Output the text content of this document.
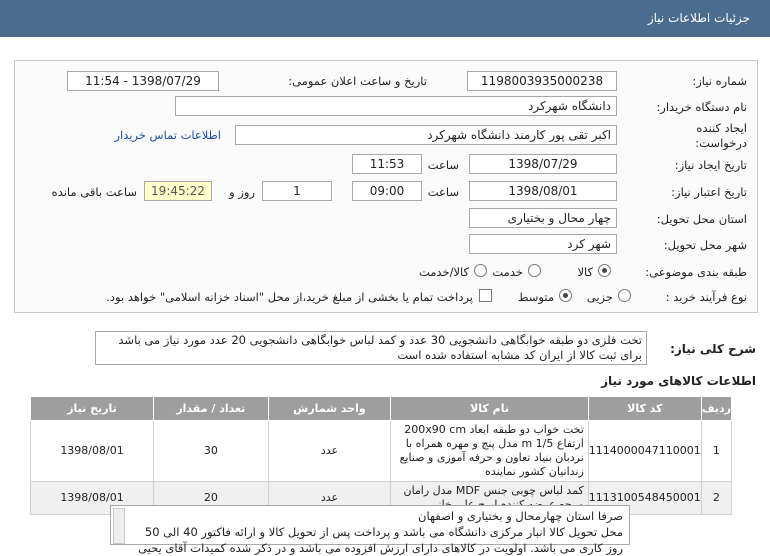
جزئیات اطلاعات نیاز
شماره نیاز:
1198003935000238
تاریخ و ساعت اعلان عمومی:
1398/07/29 - 11:54
نام دستگاه خریدار:
دانشگاه شهرکرد
ایجاد کننده
درخواست:
اکبر تقی پور کارمند دانشگاه شهرکرد
اطلاعات تماس خریدار
تاریخ ایجاد نیاز:
1398/07/29
ساعت
11:53
تاریخ اعتبار نیاز:
1398/08/01
ساعت
09:00
1
روز و
19:45:22
ساعت باقی مانده
استان محل تحویل:
چهار محال و بختیاری
شهر محل تحویل:
شهر کرد
طبقه بندی موضوعی:
کالا
خدمت
کالا/خدمت
نوع فرآیند خرید :
جزیی
متوسط
پرداخت تمام یا بخشی از مبلغ خرید،از محل "اسناد خزانه اسلامی" خواهد بود.
شرح کلی نیاز:
تخت فلزی دو طبقه خوابگاهی دانشجویی 30 عدد و کمد لباس خوابگاهی دانشجویی 20 عدد مورد نیاز می باشد برای ثبت کالا از ایران کد مشابه استفاده شده است
اطلاعات کالاهای مورد نیاز
ردیف	کد کالا	نام کالا	واحد شمارش	تعداد / مقدار	تاریخ نیاز
1	1114000047110001	تخت خواب دو طبقه ابعاد 200x90 cm ارتفاع m 1/5 مدل پنج و مهره همراه با نردبان بنیاد تعاون و حرفه آموزی و صنایع زندانیان کشور نماینده	عدد	30	1398/08/01
2	1113100548450001	کمد لباس چوبی جنس MDF مدل رامان	عدد	20	1398/08/01
صرفا استان چهارمحال و بختیاری و اصفهان
محل تحویل کالا انبار مرکزی دانشگاه می باشد و پرداخت پس از تحویل کالا و ارائه فاکتور 40 الی 50
روز کاری می باشد. اولویت در کالاهای دارای ارزش افزوده می باشد و در ذکر شده کمیدات آقای یحیی
